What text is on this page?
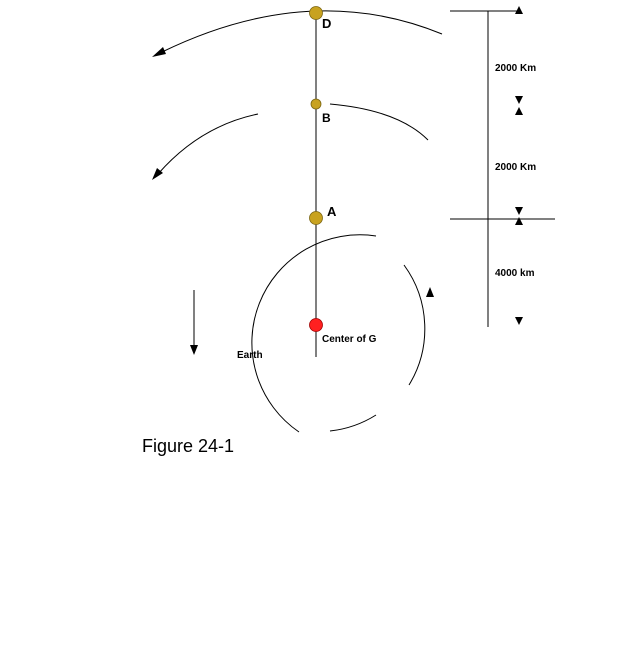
D
B
A
Center of G
Earth
2000 Km
2000 Km
4000 km
Figure 24-1
